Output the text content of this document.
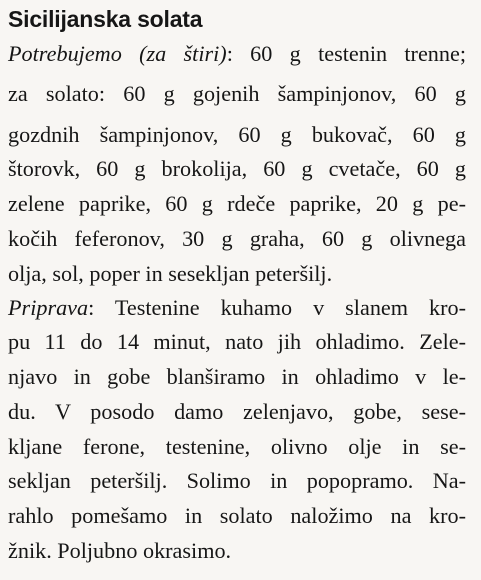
Sicilijanska solata
Potrebujemo (za štiri): 60 g testenin trenne;
za solato: 60 g gojenih šampinjonov, 60 g
gozdnih šampinjonov, 60 g bukovač, 60 g
štorovk, 60 g brokolija, 60 g cvetače, 60 g
zelene paprike, 60 g rdeče paprike, 20 g pe-
kočih feferonov, 30 g graha, 60 g olivnega
olja, sol, poper in sesekljan peteršilj.
Priprava: Testenine kuhamo v slanem kro-
pu 11 do 14 minut, nato jih ohladimo. Zele-
njavo in gobe blanširamo in ohladimo v le-
du. V posodo damo zelenjavo, gobe, sese-
kljane ferone, testenine, olivno olje in se-
sekljan peteršilj. Solimo in popopramo. Na-
rahlo pomešamo in solato naložimo na kro-
žnik. Poljubno okrasimo.
